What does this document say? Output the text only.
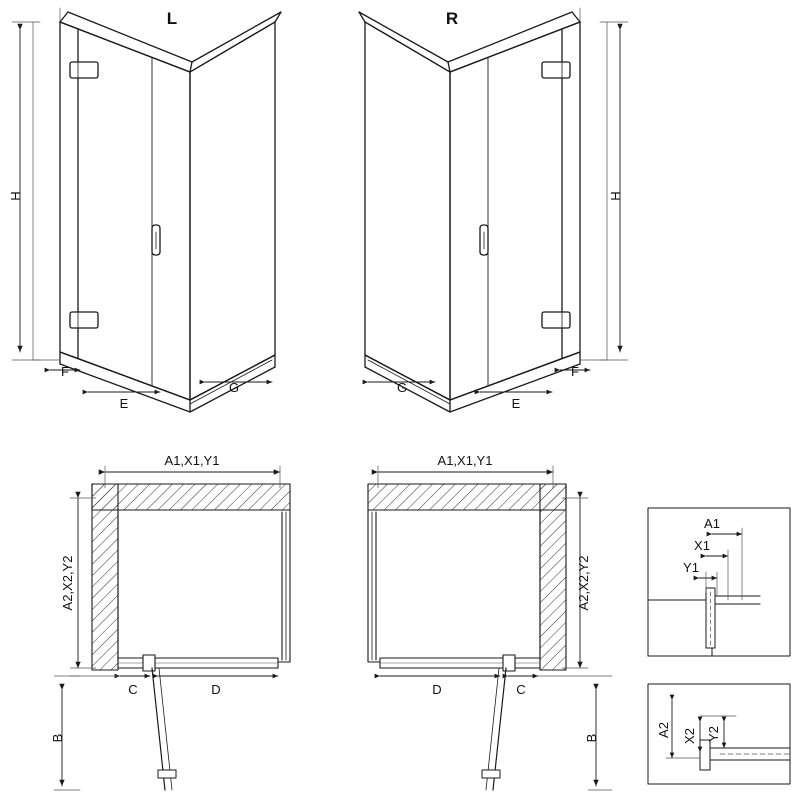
L	R
H	H
F
E
G
F
E
G
A1,X1,Y1	A1,X1,Y1
A2,X2,Y2	A2,X2,Y2
C	D	D	C
B	B
A1
X1
Y1
A2 X2 Y2
